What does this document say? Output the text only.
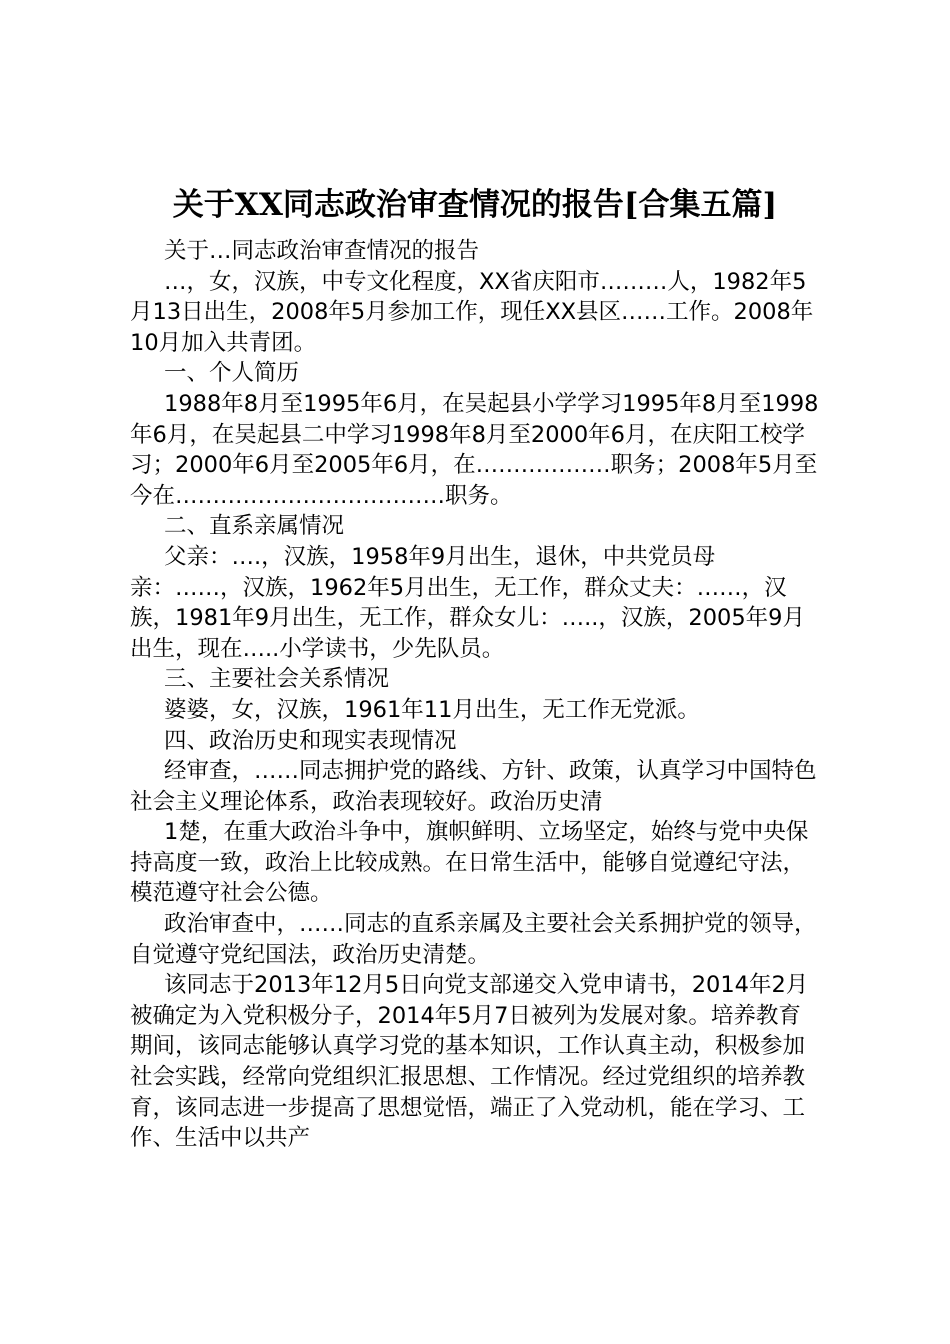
关于XX同志政治审查情况的报告[合集五篇]

关于…同志政治审查情况的报告

…，女，汉族，中专文化程度，XX省庆阳市………人，1982年5月13日出生，2008年5月参加工作，现任XX县区……工作。2008年10月加入共青团。

一、个人简历

1988年8月至1995年6月，在吴起县小学学习1995年8月至1998年6月，在吴起县二中学习1998年8月至2000年6月，在庆阳工校学习；2000年6月至2005年6月，在………………职务；2008年5月至今在………………………………职务。

二、直系亲属情况

父亲：….，汉族，1958年9月出生，退休，中共党员母亲：……，汉族，1962年5月出生，无工作，群众丈夫：……，汉族，1981年9月出生，无工作，群众女儿：…..，汉族，2005年9月出生，现在…..小学读书，少先队员。

三、主要社会关系情况

婆婆，女，汉族，1961年11月出生，无工作无党派。

四、政治历史和现实表现情况

经审查，……同志拥护党的路线、方针、政策，认真学习中国特色社会主义理论体系，政治表现较好。政治历史清

1楚，在重大政治斗争中，旗帜鲜明、立场坚定，始终与党中央保持高度一致，政治上比较成熟。在日常生活中，能够自觉遵纪守法，模范遵守社会公德。

政治审查中，……同志的直系亲属及主要社会关系拥护党的领导，自觉遵守党纪国法，政治历史清楚。

该同志于2013年12月5日向党支部递交入党申请书，2014年2月被确定为入党积极分子，2014年5月7日被列为发展对象。培养教育期间，该同志能够认真学习党的基本知识，工作认真主动，积极参加社会实践，经常向党组织汇报思想、工作情况。经过党组织的培养教育，该同志进一步提高了思想觉悟，端正了入党动机，能在学习、工作、生活中以共产
